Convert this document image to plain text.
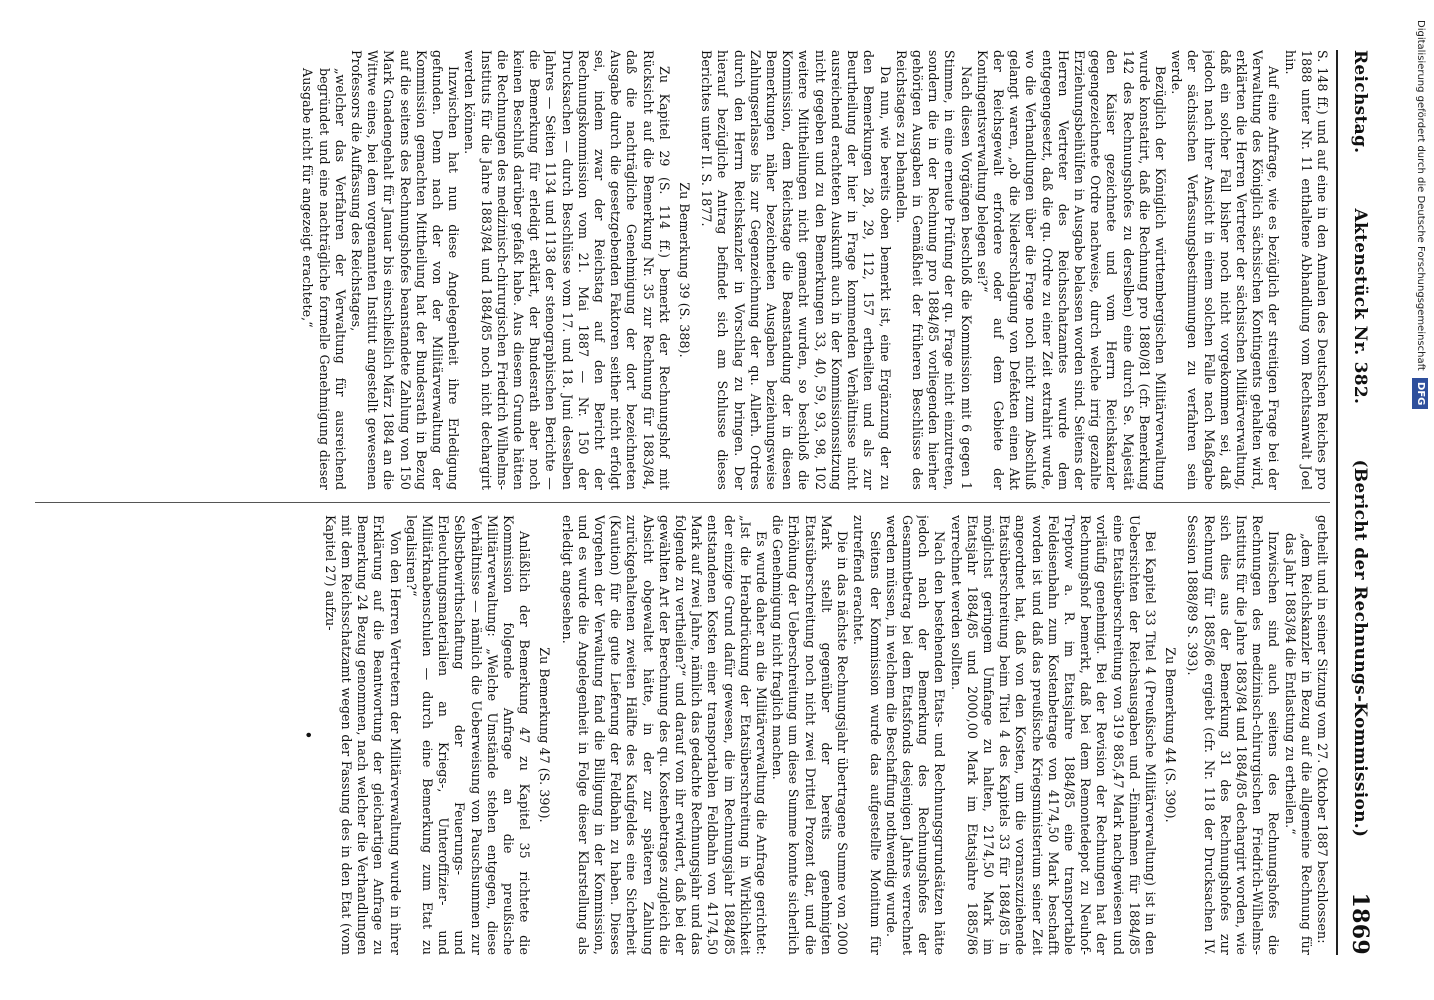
Reichstag.
Aktenstück Nr. 382.
(Bericht der Rechnungs-Kommission.)
1869

S. 148 ff.) und auf eine in den Annalen des Deutschen Reiches pro 1888 unter Nr. 11 enthaltene Abhandlung vom Rechtsanwalt Joel hin.

Auf eine Anfrage, wie es bezüglich der streitigen Frage bei der Verwaltung des Königlich sächsischen Kontingents gehalten wird, erklärten die Herren Vertreter der sächsischen Militärverwaltung, daß ein solcher Fall bisher noch nicht vorgekommen sei, daß jedoch nach ihrer Ansicht in einem solchen Falle nach Maßgabe der sächsischen Verfassungsbestimmungen zu verfahren sein werde.

Bezüglich der Königlich württembergischen Militärverwaltung wurde konstatirt, daß die Rechnung pro 1880/81 (cfr. Bemerkung 142 des Rechnungshofes zu derselben) eine durch Se. Majestät den Kaiser gezeichnete und vom Herrn Reichskanzler gegengezeichnete Ordre nachweise, durch welche irrig gezahlte Erziehungsbeihülfen in Ausgabe belassen worden sind. Seitens der Herren Vertreter des Reichsschatzamtes wurde dem entgegengesetzt, daß die qu. Ordre zu einer Zeit extrahirt wurde, wo die Verhandlungen über die Frage noch nicht zum Abschluß gelangt waren, „ob die Niederschlagung von Defekten einen Akt der Reichsgewalt erfordere oder auf dem Gebiete der Kontingentsverwaltung belegen sei?“

Nach diesen Vorgängen beschloß die Kommission mit 6 gegen 1 Stimme, in eine erneute Prüfung der qu. Frage nicht einzutreten, sondern die in der Rechnung pro 1884/85 vorliegenden hierher gehörigen Ausgaben in Gemäßheit der früheren Beschlüsse des Reichstages zu behandeln.

Da nun, wie bereits oben bemerkt ist, eine Ergänzung der zu den Bemerkungen 28, 29, 112, 157 ertheilten und als zur Beurtheilung der hier in Frage kommenden Verhältnisse nicht ausreichend erachteten Auskunft auch in der Kommissionssitzung nicht gegeben und zu den Bemerkungen 33, 40, 59, 93, 98, 102 weitere Mittheilungen nicht gemacht wurden, so beschloß die Kommission, dem Reichstage die Beanstandung der in diesen Bemerkungen näher bezeichneten Ausgaben beziehungsweise Zahlungserlasse bis zur Gegenzeichnung der qu. Allerh. Ordres durch den Herrn Reichskanzler in Vorschlag zu bringen. Der hierauf bezügliche Antrag befindet sich am Schlusse dieses Berichtes unter II. S. 1877.

Zu Bemerkung 39 (S. 388).

Zu Kapitel 29 (S. 114 ff.) bemerkt der Rechnungshof mit Rücksicht auf die Bemerkung Nr. 35 zur Rechnung für 1883/84, daß die nachträgliche Genehmigung der dort bezeichneten Ausgabe durch die gesetzgebenden Faktoren seither nicht erfolgt sei, indem zwar der Reichstag auf den Bericht der Rechnungskommission vom 21. Mai 1887 — Nr. 150 der Drucksachen — durch Beschlüsse vom 17. und 18. Juni desselben Jahres — Seiten 1134 und 1138 der stenographischen Berichte — die Bemerkung für erledigt erklärt, der Bundesrath aber noch keinen Beschluß darüber gefaßt habe. Aus diesem Grunde hätten die Rechnungen des medizinisch-chirurgischen Friedrich Wilhelms-Instituts für die Jahre 1883/84 und 1884/85 noch nicht dechargirt werden können.

Inzwischen hat nun diese Angelegenheit ihre Erledigung gefunden. Denn nach der von der Militärverwaltung der Kommission gemachten Mittheilung hat der Bundesrath in Bezug auf die seitens des Rechnungshofes beanstandete Zahlung von 150 Mark Gnadengehalt für Januar bis einschließlich März 1884 an die Wittwe eines, bei dem vorgenannten Institut angestellt gewesenen Professors die Auffassung des Reichstages,

„welcher das Verfahren der Verwaltung für ausreichend begründet und eine nachträgliche formelle Genehmigung dieser Ausgabe nicht für angezeigt erachtete,“

getheilt und in seiner Sitzung vom 27. Oktober 1887 beschlossen:

„dem Reichskanzler in Bezug auf die allgemeine Rechnung für das Jahr 1883/84 die Entlastung zu ertheilen.“

Inzwischen sind auch seitens des Rechnungshofes die Rechnungen des medizinisch-chirurgischen Friedrich-Wilhelms-Instituts für die Jahre 1883/84 und 1884/85 dechargirt worden, wie sich dies aus der Bemerkung 31 des Rechnungshofes zur Rechnung für 1885/86 ergiebt (cfr. Nr. 118 der Drucksachen IV. Session 1888/89 S. 393).

Zu Bemerkung 44 (S. 390).

Bei Kapitel 33 Titel 4 (Preußische Militärverwaltung) ist in den Uebersichten der Reichsausgaben und -Einnahmen für 1884/85 eine Etatsüberschreitung von 319 885,47 Mark nachgewiesen und vorläufig genehmigt. Bei der Revision der Rechnungen hat der Rechnungshof bemerkt, daß bei dem Remontedepot zu Neuhof-Treptow a. R. im Etatsjahre 1884/85 eine transportable Feldeisenbahn zum Kostenbetrage von 4174,50 Mark beschafft worden ist und daß das preußische Kriegsministerium seiner Zeit angeordnet hat, daß von den Kosten, um die voranszuziehende Etatsüberschreitung beim Titel 4 des Kapitels 33 für 1884/85 in möglichst geringem Umfange zu halten, 2174,50 Mark im Etatsjahr 1884/85 und 2000,00 Mark im Etatsjahre 1885/86 verrechnet werden sollten.

Nach den bestehenden Etats- und Rechnungsgrundsätzen hätte jedoch nach der Bemerkung des Rechnungshofes der Gesammtbetrag bei dem Etatsfonds desjenigen Jahres verrechnet werden müssen, in welchem die Beschaffung nothwendig wurde.

Seitens der Kommission wurde das aufgestellte Monitum für zutreffend erachtet.

Die in das nächste Rechnungsjahr übertragene Summe von 2000 Mark stellt gegenüber der bereits genehmigten Etatsüberschreitung noch nicht zwei Drittel Prozent dar, und die Erhöhung der Ueberschreitung um diese Summe konnte sicherlich die Genehmigung nicht fraglich machen.

Es wurde daher an die Militärverwaltung die Anfrage gerichtet: „Ist die Herabdrückung der Etatsüberschreitung in Wirklichkeit der einzige Grund dafür gewesen, die im Rechnungsjahr 1884/85 entstandenen Kosten einer transportablen Feldbahn von 4174,50 Mark auf zwei Jahre, nämlich das gedachte Rechnungsjahr und das folgende zu vertheilen?“ und darauf von ihr erwidert, daß bei der gewählten Art der Berechnung des qu. Kostenbetrages zugleich die Absicht obgewaltet hätte, in der zur späteren Zahlung zurückgehaltenen zweiten Hälfte des Kaufgeldes eine Sicherheit (Kaution) für die gute Lieferung der Feldbahn zu haben. Dieses Vorgehen der Verwaltung fand die Billigung in der Kommission, und es wurde die Angelegenheit in Folge dieser Klarstellung als erledigt angesehen.

Zu Bemerkung 47 (S. 390).

Anläßlich der Bemerkung 47 zu Kapitel 35 richtete die Kommission folgende Anfrage an die preußische Militärverwaltung: „Welche Umstände stehen entgegen, diese Verhältnisse — nämlich die Ueberweisung von Pauschsummen zur Selbstbewirthschaftung der Feuerungs- und Erleuchtungsmaterialien an Kriegs-, Unteroffizier- und Militärknabenschulen — durch eine Bemerkung zum Etat zu legalisiren?“

Von den Herren Vertretern der Militärverwaltung wurde in ihrer Erklärung auf die Beantwortung der gleichartigen Anfrage zu Bemerkung 24 Bezug genommen, nach welcher die Verhandlungen mit dem Reichsschatzamt wegen der Fassung des in den Etat (vom Kapitel 27) aufzu-

•
Digitalisierung gefördert durch die Deutsche Forschungsgemeinschaft DFG
